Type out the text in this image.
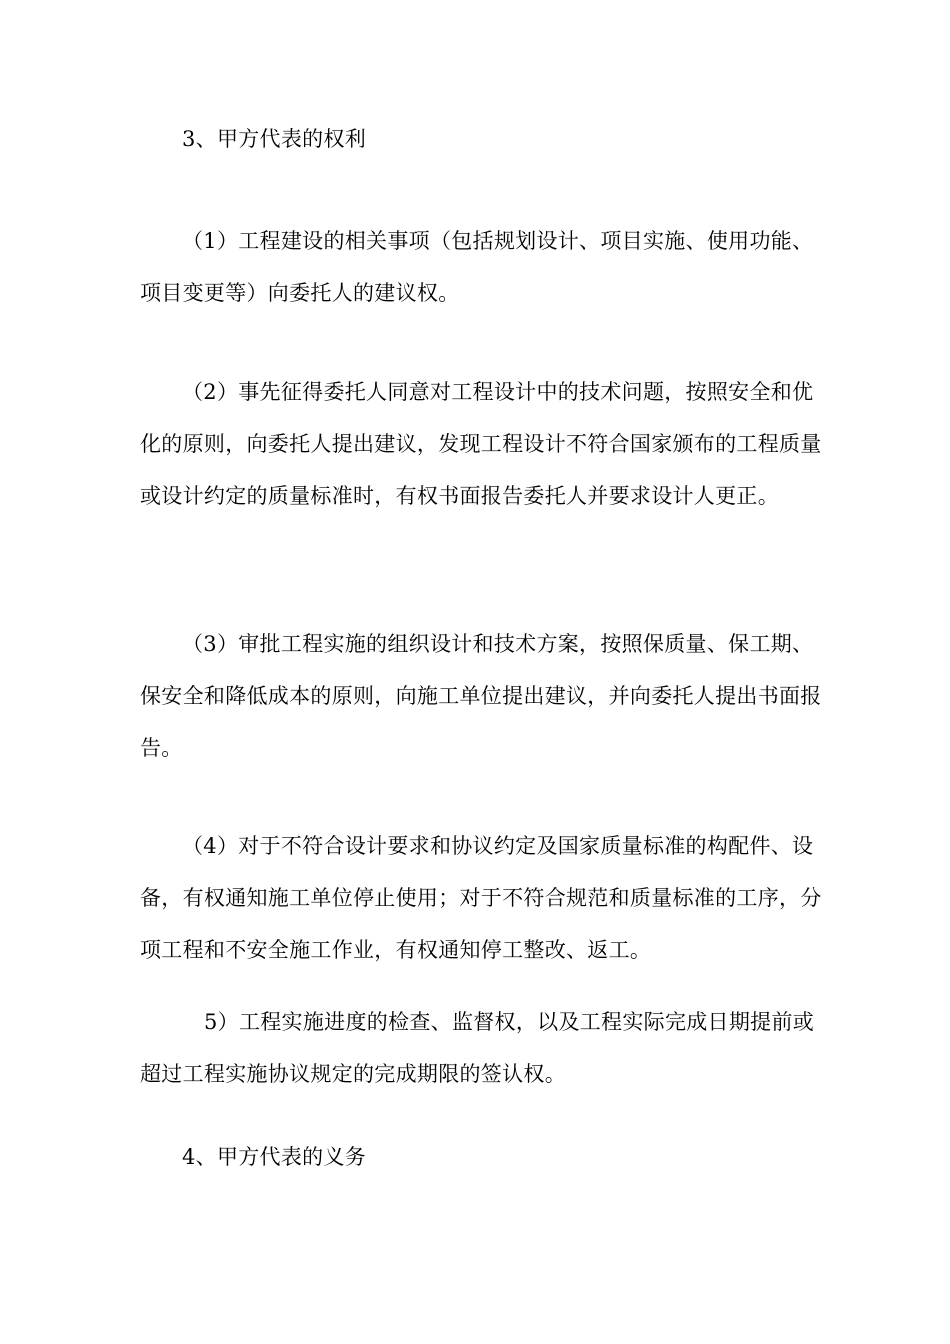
3、甲方代表的权利

（1）工程建设的相关事项（包括规划设计、项目实施、使用功能、项目变更等）向委托人的建议权。

（2）事先征得委托人同意对工程设计中的技术问题，按照安全和优化的原则，向委托人提出建议，发现工程设计不符合国家颁布的工程质量或设计约定的质量标准时，有权书面报告委托人并要求设计人更正。

（3）审批工程实施的组织设计和技术方案，按照保质量、保工期、保安全和降低成本的原则，向施工单位提出建议，并向委托人提出书面报告。

（4）对于不符合设计要求和协议约定及国家质量标准的构配件、设备，有权通知施工单位停止使用；对于不符合规范和质量标准的工序，分项工程和不安全施工作业，有权通知停工整改、返工。

5）工程实施进度的检查、监督权，以及工程实际完成日期提前或超过工程实施协议规定的完成期限的签认权。

4、甲方代表的义务
